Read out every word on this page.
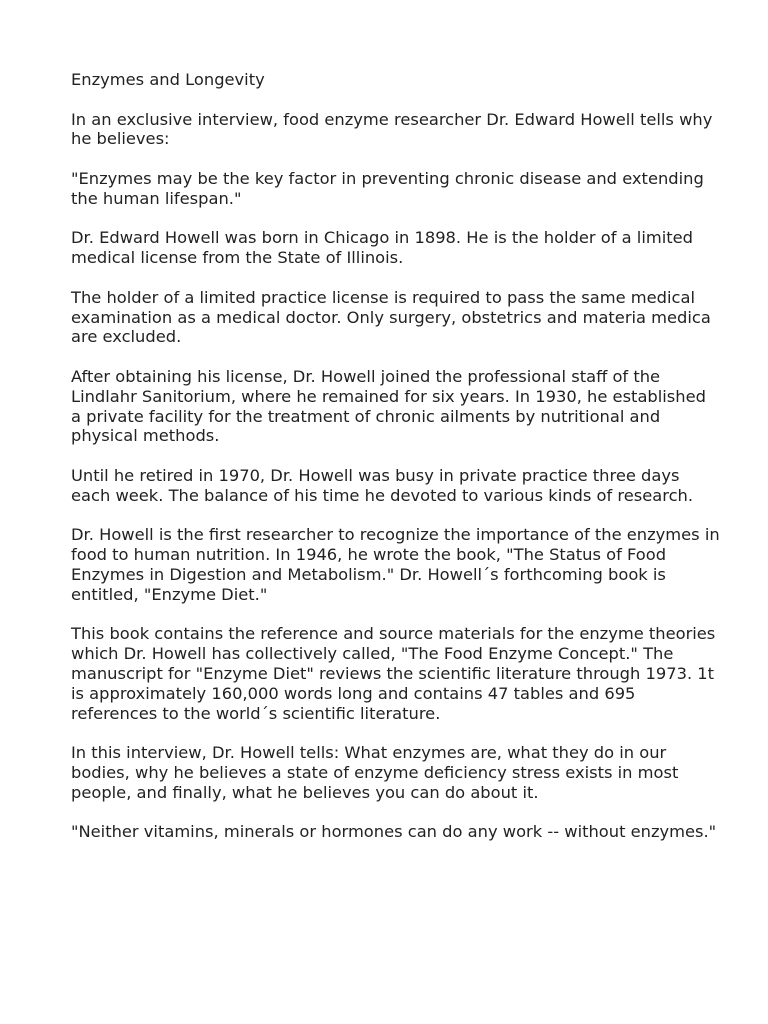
Enzymes and Longevity

In an exclusive interview, food enzyme researcher Dr. Edward Howell tells why he believes:

"Enzymes may be the key factor in preventing chronic disease and extending the human lifespan."

Dr. Edward Howell was born in Chicago in 1898. He is the holder of a limited medical license from the State of Illinois.

The holder of a limited practice license is required to pass the same medical examination as a medical doctor. Only surgery, obstetrics and materia medica are excluded.

After obtaining his license, Dr. Howell joined the professional staff of the Lindlahr Sanitorium, where he remained for six years. In 1930, he established a private facility for the treatment of chronic ailments by nutritional and physical methods.

Until he retired in 1970, Dr. Howell was busy in private practice three days each week. The balance of his time he devoted to various kinds of research.

Dr. Howell is the first researcher to recognize the importance of the enzymes in food to human nutrition. In 1946, he wrote the book, "The Status of Food Enzymes in Digestion and Metabolism." Dr. Howell´s forthcoming book is entitled, "Enzyme Diet."

This book contains the reference and source materials for the enzyme theories which Dr. Howell has collectively called, "The Food Enzyme Concept." The manuscript for "Enzyme Diet" reviews the scientific literature through 1973. 1t is approximately 160,000 words long and contains 47 tables and 695 references to the world´s scientific literature.

In this interview, Dr. Howell tells: What enzymes are, what they do in our bodies, why he believes a state of enzyme deficiency stress exists in most people, and finally, what he believes you can do about it.

"Neither vitamins, minerals or hormones can do any work -- without enzymes."
